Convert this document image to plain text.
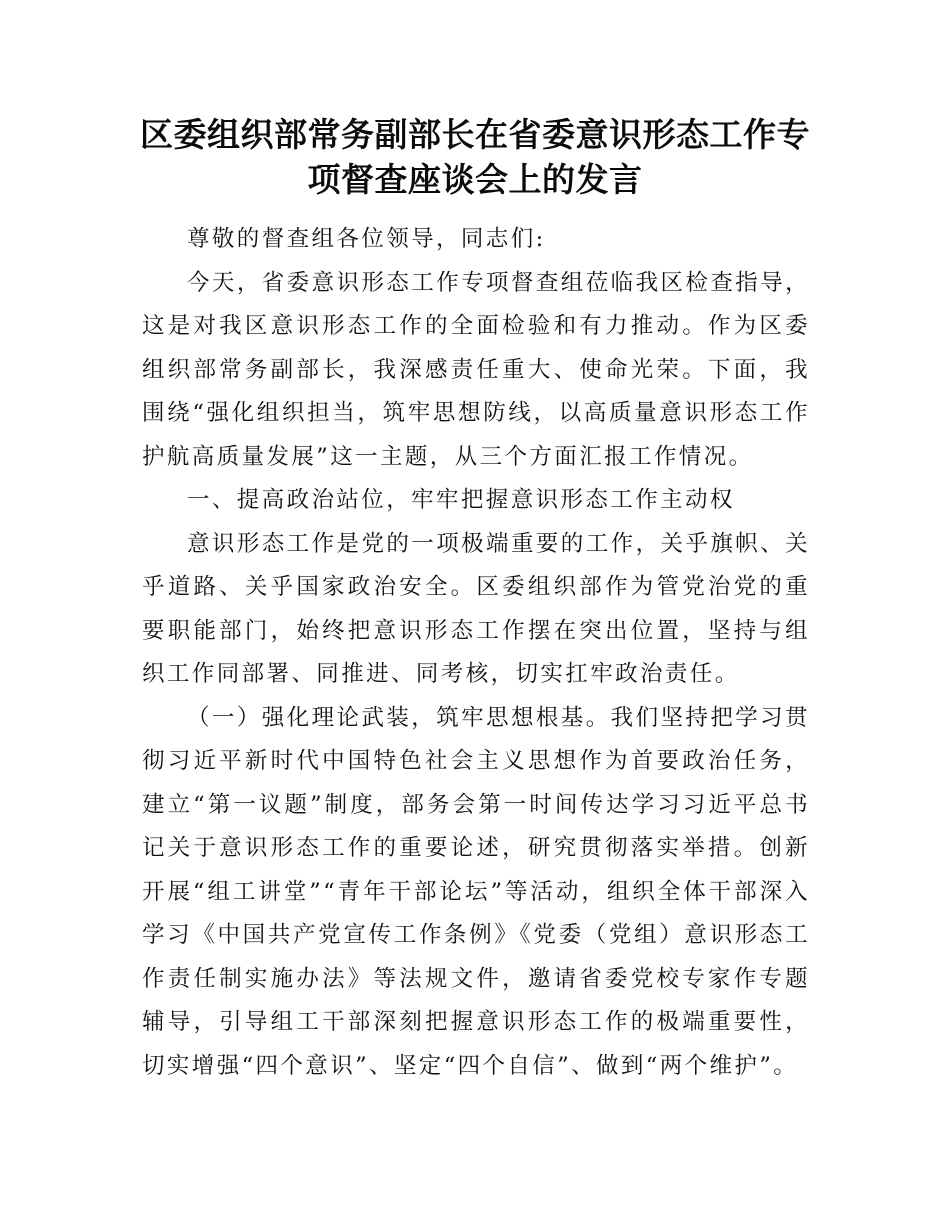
区委组织部常务副部长在省委意识形态工作专
项督查座谈会上的发言

尊敬的督查组各位领导，同志们:

今天，省委意识形态工作专项督查组莅临我区检查指导，这是对我区意识形态工作的全面检验和有力推动。作为区委组织部常务副部长，我深感责任重大、使命光荣。下面，我围绕“强化组织担当，筑牢思想防线，以高质量意识形态工作护航高质量发展”这一主题，从三个方面汇报工作情况。

一、提高政治站位，牢牢把握意识形态工作主动权

意识形态工作是党的一项极端重要的工作，关乎旗帜、关乎道路、关乎国家政治安全。区委组织部作为管党治党的重要职能部门，始终把意识形态工作摆在突出位置，坚持与组织工作同部署、同推进、同考核，切实扛牢政治责任。

（一）强化理论武装，筑牢思想根基。我们坚持把学习贯彻习近平新时代中国特色社会主义思想作为首要政治任务，建立“第一议题”制度，部务会第一时间传达学习习近平总书记关于意识形态工作的重要论述，研究贯彻落实举措。创新开展“组工讲堂”“青年干部论坛”等活动，组织全体干部深入学习《中国共产党宣传工作条例》《党委（党组）意识形态工作责任制实施办法》等法规文件，邀请省委党校专家作专题辅导，引导组工干部深刻把握意识形态工作的极端重要性，切实增强“四个意识”、坚定“四个自信”、做到“两个维护”。
